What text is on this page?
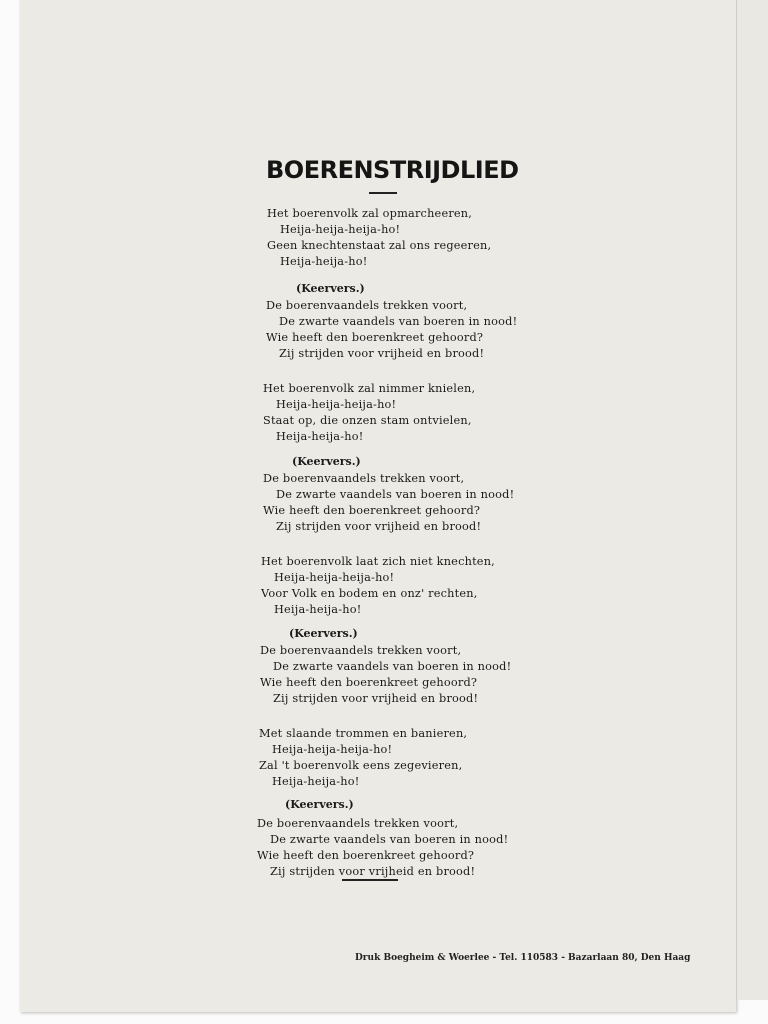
BOERENSTRIJDLIED
Het boerenvolk zal opmarcheeren,
Heija-heija-heija-ho!
Geen knechtenstaat zal ons regeeren,
Heija-heija-ho!
(Keervers.)
De boerenvaandels trekken voort,
De zwarte vaandels van boeren in nood!
Wie heeft den boerenkreet gehoord?
Zij strijden voor vrijheid en brood!
Het boerenvolk zal nimmer knielen,
Heija-heija-heija-ho!
Staat op, die onzen stam ontvielen,
Heija-heija-ho!
(Keervers.)
De boerenvaandels trekken voort,
De zwarte vaandels van boeren in nood!
Wie heeft den boerenkreet gehoord?
Zij strijden voor vrijheid en brood!
Het boerenvolk laat zich niet knechten,
Heija-heija-heija-ho!
Voor Volk en bodem en onz' rechten,
Heija-heija-ho!
(Keervers.)
De boerenvaandels trekken voort,
De zwarte vaandels van boeren in nood!
Wie heeft den boerenkreet gehoord?
Zij strijden voor vrijheid en brood!
Met slaande trommen en banieren,
Heija-heija-heija-ho!
Zal 't boerenvolk eens zegevieren,
Heija-heija-ho!
(Keervers.)
De boerenvaandels trekken voort,
De zwarte vaandels van boeren in nood!
Wie heeft den boerenkreet gehoord?
Zij strijden voor vrijheid en brood!
Druk Boegheim & Woerlee - Tel. 110583 - Bazarlaan 80, Den Haag
